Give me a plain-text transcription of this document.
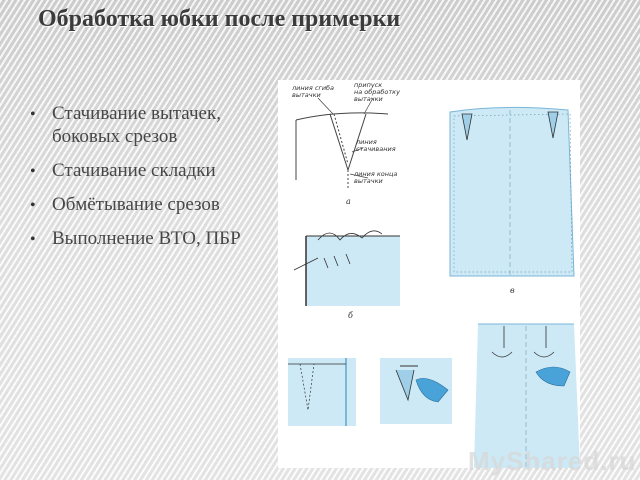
Обработка юбки после примерки
• Стачивание вытачек, боковых срезов
• Стачивание складки
• Обмётывание срезов
• Выполнение ВТО, ПБР
линия сгиба
вытачки
припуск
на обработку
вытачки
линия
стачивания
линия конца
вытачки
а
в
б
MyShared.ru
